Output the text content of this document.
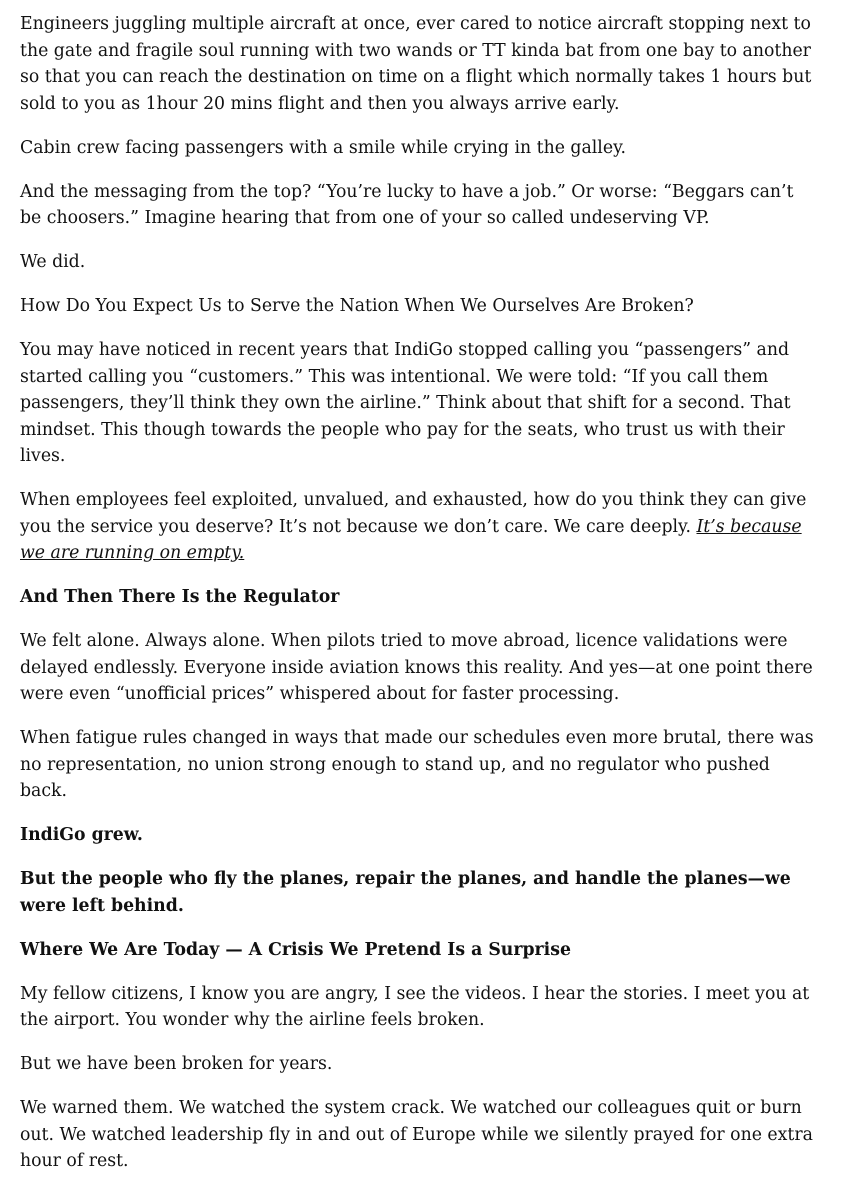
Engineers juggling multiple aircraft at once, ever cared to notice aircraft stopping next to the gate and fragile soul running with two wands or TT kinda bat from one bay to another so that you can reach the destination on time on a flight which normally takes 1 hours but sold to you as 1hour 20 mins flight and then you always arrive early.

Cabin crew facing passengers with a smile while crying in the galley.

And the messaging from the top? “You’re lucky to have a job.” Or worse: “Beggars can’t be choosers.” Imagine hearing that from one of your so called undeserving VP.

We did.

How Do You Expect Us to Serve the Nation When We Ourselves Are Broken?

You may have noticed in recent years that IndiGo stopped calling you “passengers” and started calling you “customers.” This was intentional. We were told: “If you call them passengers, they’ll think they own the airline.” Think about that shift for a second. That mindset. This though towards the people who pay for the seats, who trust us with their lives.

When employees feel exploited, unvalued, and exhausted, how do you think they can give you the service you deserve? It’s not because we don’t care. We care deeply. It’s because we are running on empty.

And Then There Is the Regulator

We felt alone. Always alone. When pilots tried to move abroad, licence validations were delayed endlessly. Everyone inside aviation knows this reality. And yes—at one point there were even “unofficial prices” whispered about for faster processing.

When fatigue rules changed in ways that made our schedules even more brutal, there was no representation, no union strong enough to stand up, and no regulator who pushed back.

IndiGo grew.

But the people who fly the planes, repair the planes, and handle the planes—we were left behind.

Where We Are Today — A Crisis We Pretend Is a Surprise

My fellow citizens, I know you are angry, I see the videos. I hear the stories. I meet you at the airport. You wonder why the airline feels broken.

But we have been broken for years.

We warned them. We watched the system crack. We watched our colleagues quit or burn out. We watched leadership fly in and out of Europe while we silently prayed for one extra hour of rest.
